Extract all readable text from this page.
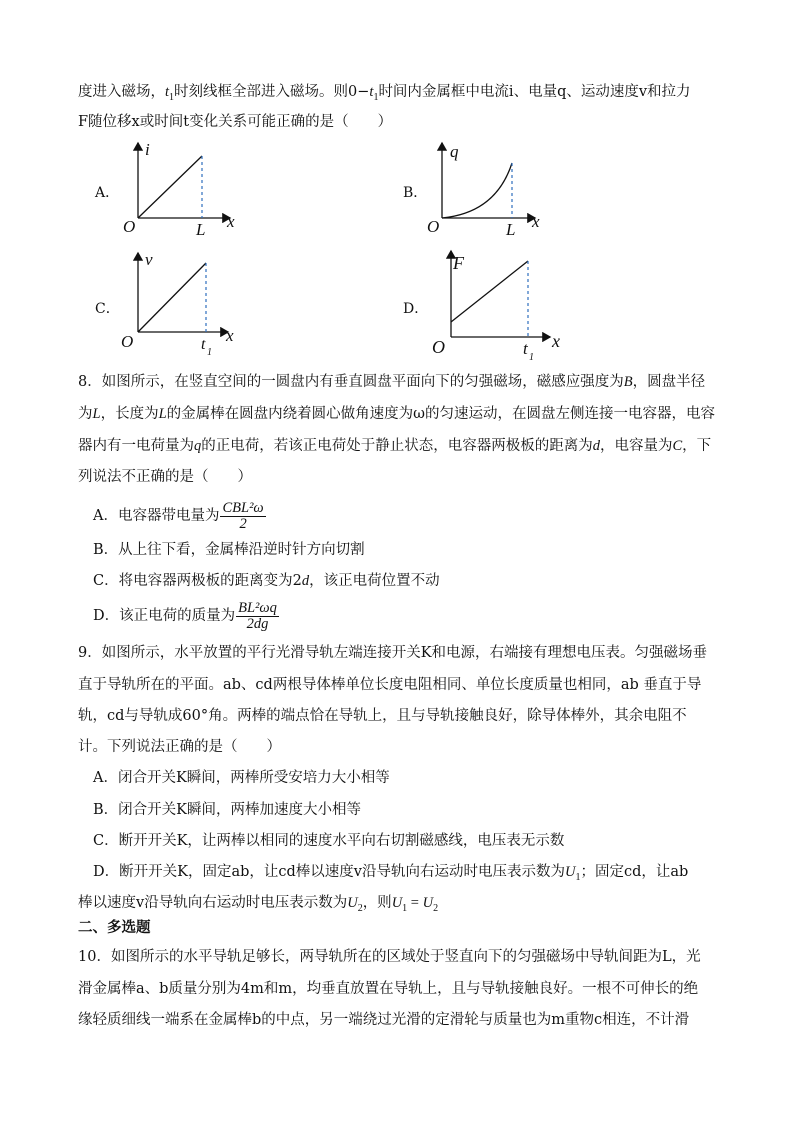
度进入磁场，$t_1$时刻线框全部进入磁场。则$0-t_1$时间内金属框中电流i、电量q、运动速度v和拉力
F随位移x或时间t变化关系可能正确的是（　　）
A．
i
x
O	L
B．
q
x
O	L
C．
v
x
O	t 1
D．
F
x
O	t 1
8．如图所示，在竖直空间的一圆盘内有垂直圆盘平面向下的匀强磁场，磁感应强度为B，圆盘半径
为L，长度为L的金属棒在圆盘内绕着圆心做角速度为ω的匀速运动，在圆盘左侧连接一电容器，电容
器内有一电荷量为q的正电荷，若该正电荷处于静止状态，电容器两极板的距离为d，电容量为C，下
列说法不正确的是（　　）
A．电容器带电量为 $\frac{\text{CBL²ω}}{2}$
B．从上往下看，金属棒沿逆时针方向切割
C．将电容器两极板的距离变为2d，该正电荷位置不动
D．该正电荷的质量为 $\frac{\text{BL²ωq}}{2dg}$
9．如图所示，水平放置的平行光滑导轨左端连接开关K和电源，右端接有理想电压表。匀强磁场垂
直于导轨所在的平面。ab、cd两根导体棒单位长度电阻相同、单位长度质量也相同，ab 垂直于导
轨，cd与导轨成60°角。两棒的端点恰在导轨上，且与导轨接触良好，除导体棒外，其余电阻不
计。下列说法正确的是（　　）
A．闭合开关K瞬间，两棒所受安培力大小相等
B．闭合开关K瞬间，两棒加速度大小相等
C．断开开关K，让两棒以相同的速度水平向右切割磁感线，电压表无示数
D．断开开关K，固定ab，让cd棒以速度v沿导轨向右运动时电压表示数为$U_1$；固定cd，让ab
棒以速度v沿导轨向右运动时电压表示数为$U_2$，则$U_1 = U_2$
二、多选题
10．如图所示的水平导轨足够长，两导轨所在的区域处于竖直向下的匀强磁场中导轨间距为L，光
滑金属棒a、b质量分别为4m和m，均垂直放置在导轨上，且与导轨接触良好。一根不可伸长的绝
缘轻质细线一端系在金属棒b的中点，另一端绕过光滑的定滑轮与质量也为m重物c相连，不计滑
